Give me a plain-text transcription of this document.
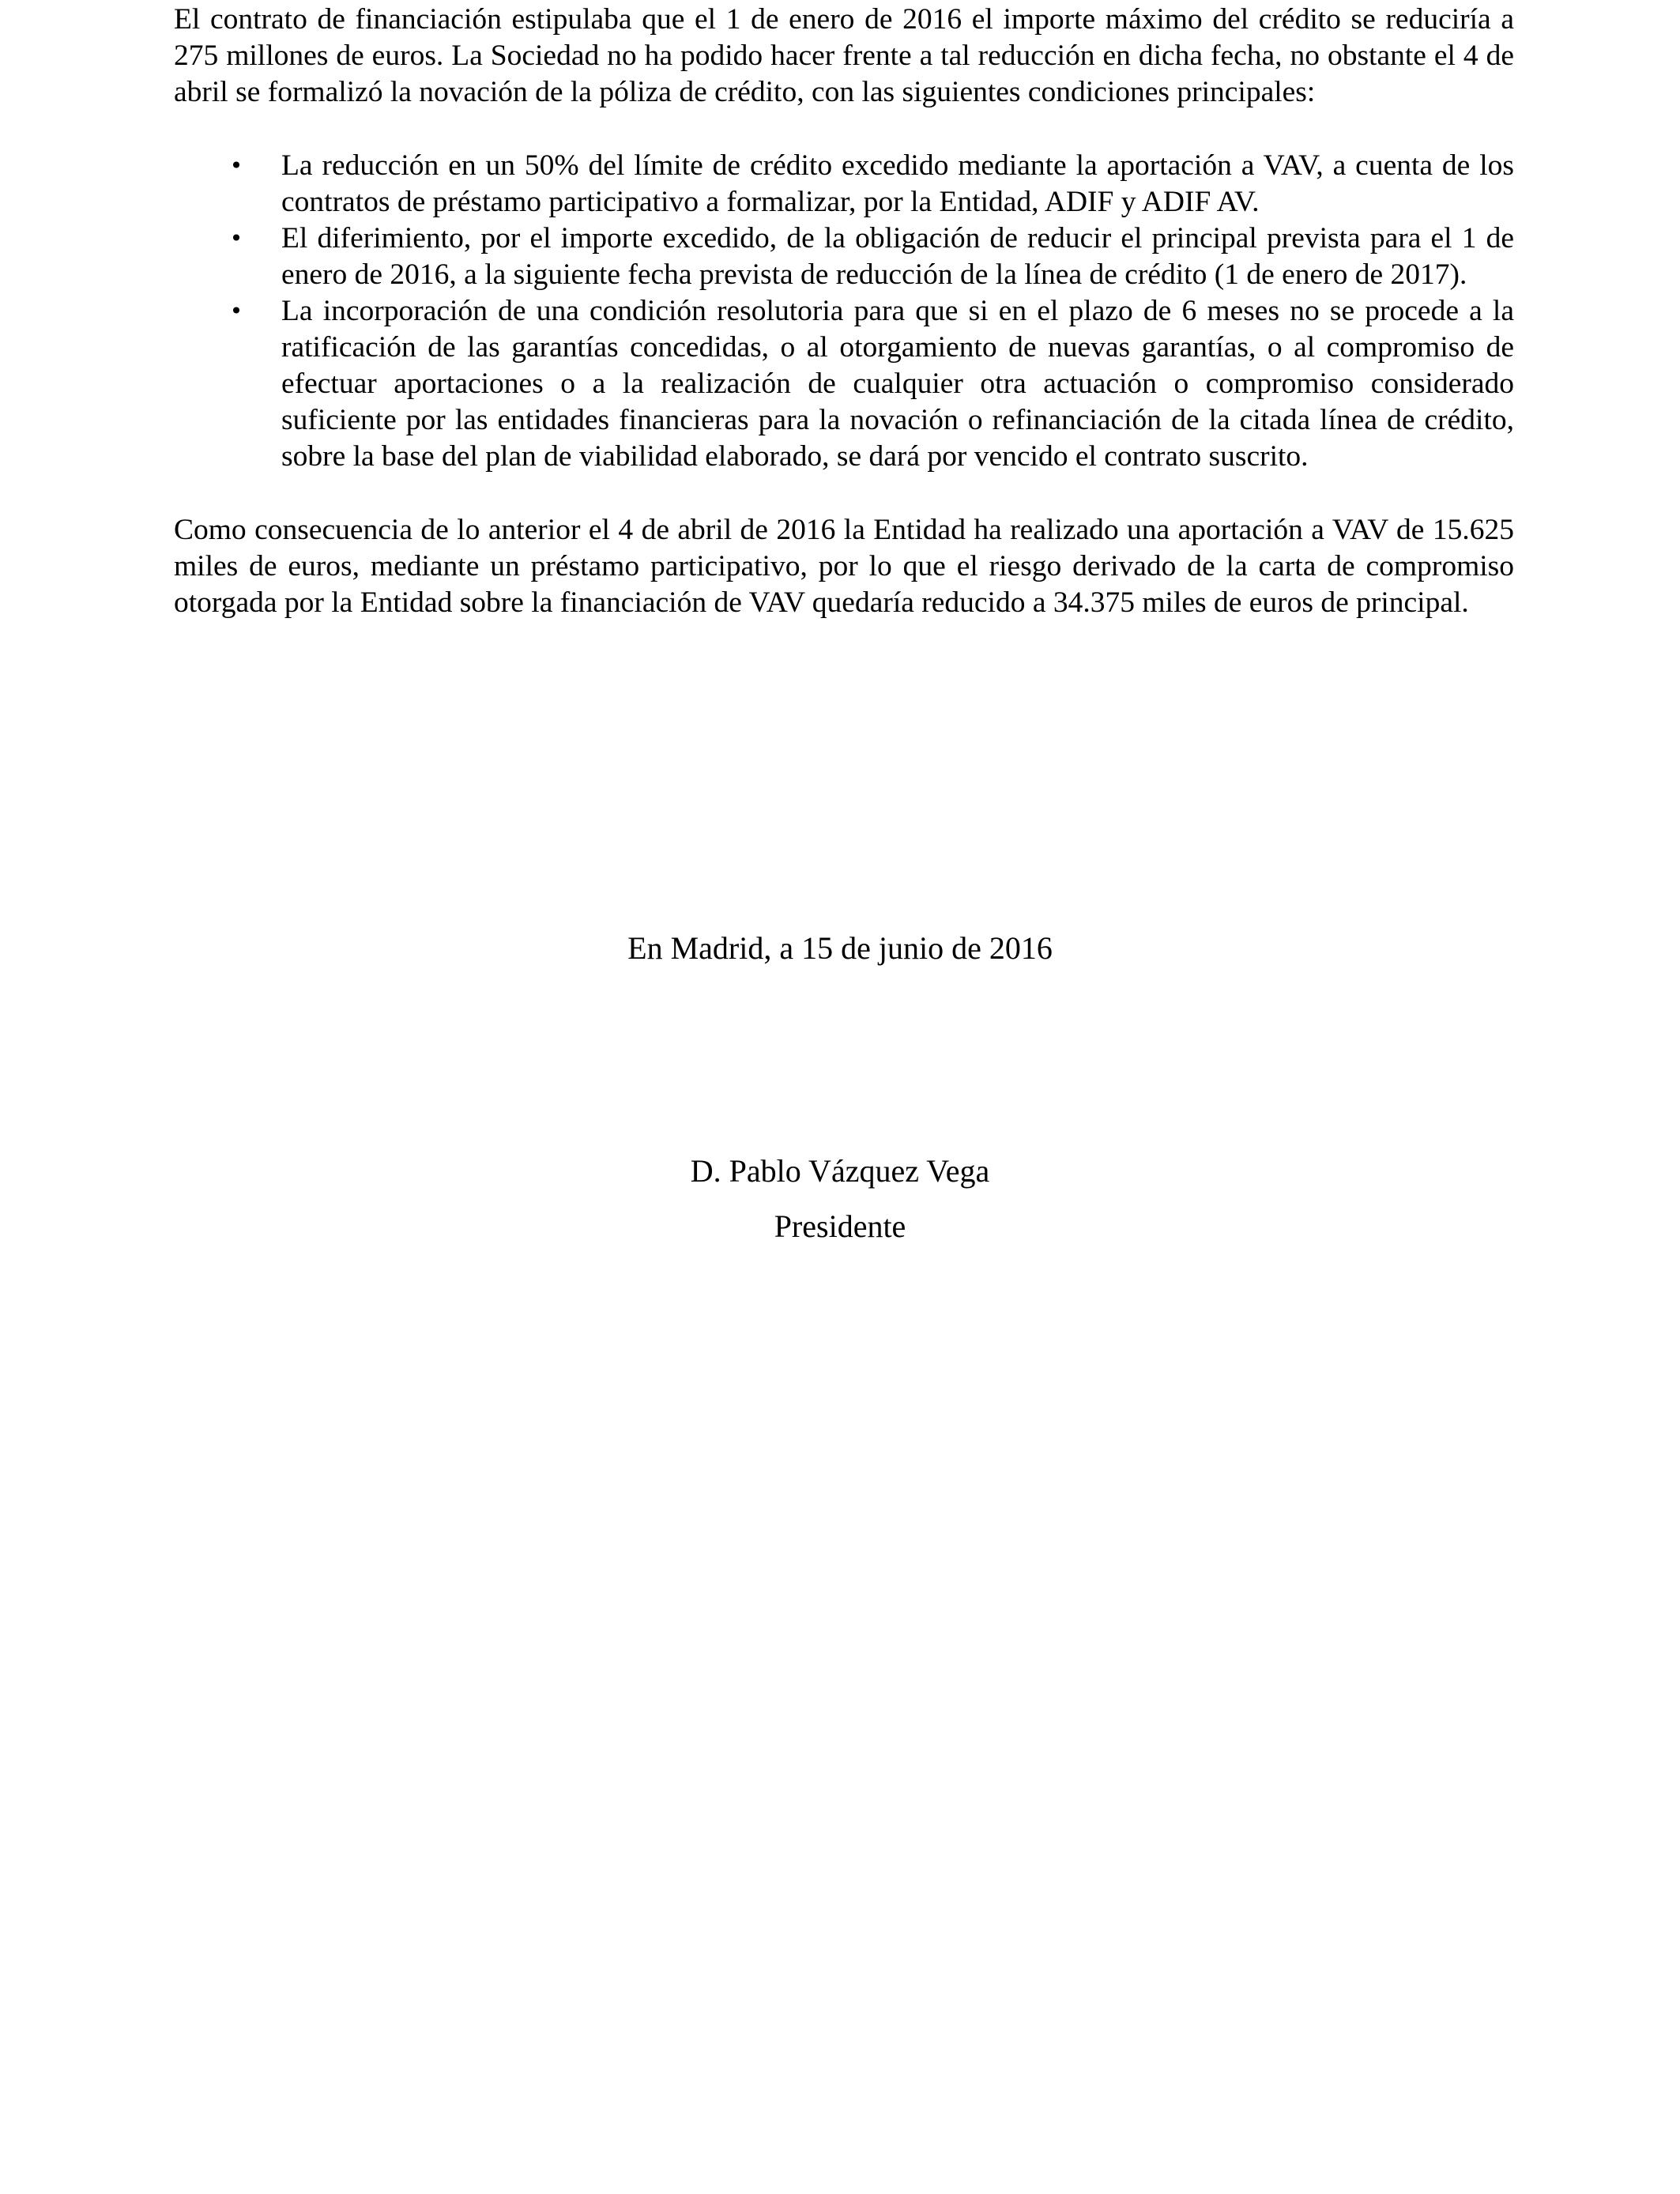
El contrato de financiación estipulaba que el 1 de enero de 2016 el importe máximo del crédito se reduciría a 275 millones de euros. La Sociedad no ha podido hacer frente a tal reducción en dicha fecha, no obstante el 4 de abril se formalizó la novación de la póliza de crédito, con las siguientes condiciones principales:

• La reducción en un 50% del límite de crédito excedido mediante la aportación a VAV, a cuenta de los contratos de préstamo participativo a formalizar, por la Entidad, ADIF y ADIF AV.
• El diferimiento, por el importe excedido, de la obligación de reducir el principal prevista para el 1 de enero de 2016, a la siguiente fecha prevista de reducción de la línea de crédito (1 de enero de 2017).
• La incorporación de una condición resolutoria para que si en el plazo de 6 meses no se procede a la ratificación de las garantías concedidas, o al otorgamiento de nuevas garantías, o al compromiso de efectuar aportaciones o a la realización de cualquier otra actuación o compromiso considerado suficiente por las entidades financieras para la novación o refinanciación de la citada línea de crédito, sobre la base del plan de viabilidad elaborado, se dará por vencido el contrato suscrito.

Como consecuencia de lo anterior el 4 de abril de 2016 la Entidad ha realizado una aportación a VAV de 15.625 miles de euros, mediante un préstamo participativo, por lo que el riesgo derivado de la carta de compromiso otorgada por la Entidad sobre la financiación de VAV quedaría reducido a 34.375 miles de euros de principal.

En Madrid, a 15 de junio de 2016
D. Pablo Vázquez Vega
Presidente
